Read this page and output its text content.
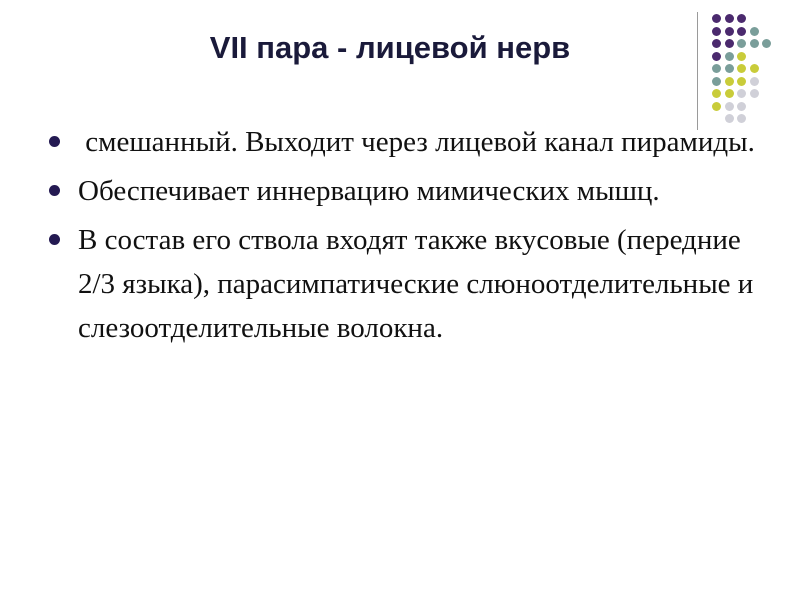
VII пара - лицевой нерв
смешанный. Выходит через лицевой канал пирамиды.
Обеспечивает иннервацию мимических мышц.
В состав его ствола входят также вкусовые (передние 2/3 языка), парасимпатические слюноотделительные и слезоотделительные волокна.
